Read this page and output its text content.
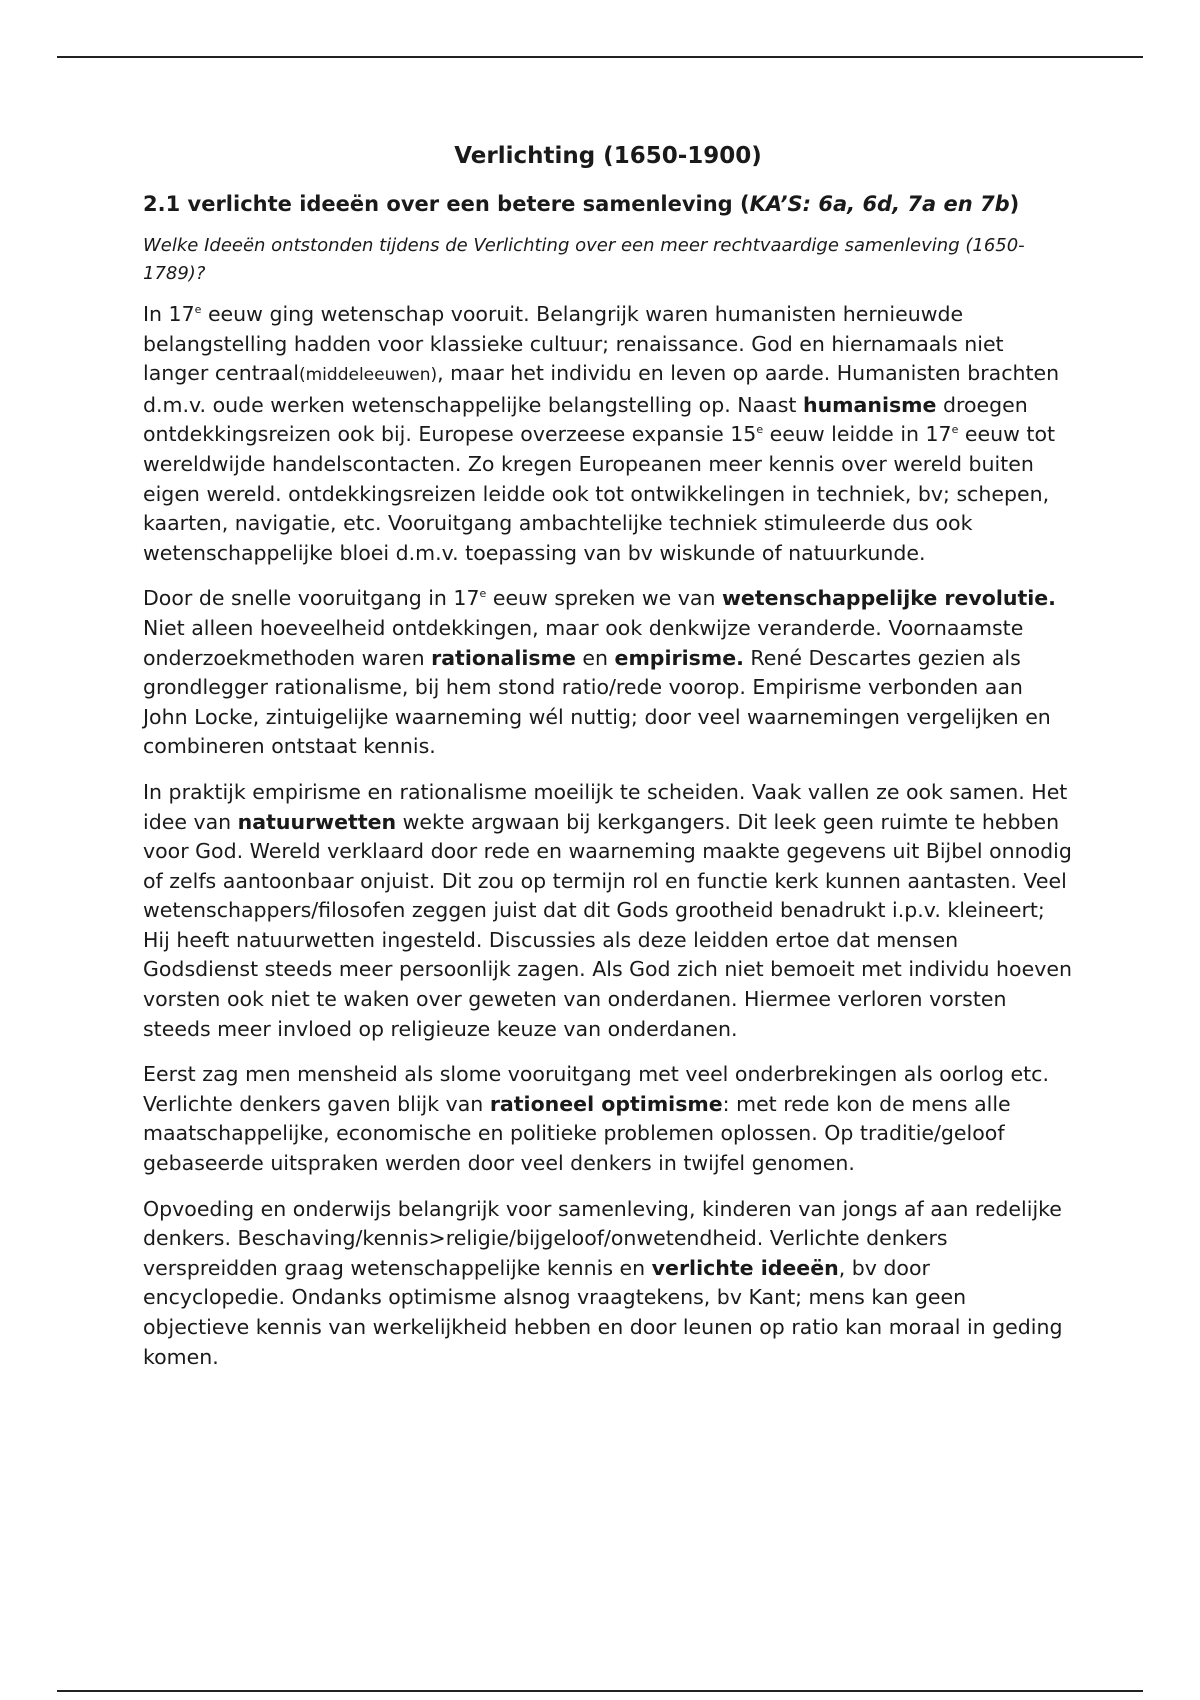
Verlichting (1650-1900)
2.1 verlichte ideeën over een betere samenleving (KA’S: 6a, 6d, 7a en 7b)
Welke Ideeën ontstonden tijdens de Verlichting over een meer rechtvaardige samenleving (1650-1789)?

In 17e eeuw ging wetenschap vooruit. Belangrijk waren humanisten hernieuwde belangstelling hadden voor klassieke cultuur; renaissance. God en hiernamaals niet langer centraal(middeleeuwen), maar het individu en leven op aarde. Humanisten brachten d.m.v. oude werken wetenschappelijke belangstelling op. Naast humanisme droegen ontdekkingsreizen ook bij. Europese overzeese expansie 15e eeuw leidde in 17e eeuw tot wereldwijde handelscontacten. Zo kregen Europeanen meer kennis over wereld buiten eigen wereld. ontdekkingsreizen leidde ook tot ontwikkelingen in techniek, bv; schepen, kaarten, navigatie, etc. Vooruitgang ambachtelijke techniek stimuleerde dus ook wetenschappelijke bloei d.m.v. toepassing van bv wiskunde of natuurkunde.

Door de snelle vooruitgang in 17e eeuw spreken we van wetenschappelijke revolutie. Niet alleen hoeveelheid ontdekkingen, maar ook denkwijze veranderde. Voornaamste onderzoekmethoden waren rationalisme en empirisme. René Descartes gezien als grondlegger rationalisme, bij hem stond ratio/rede voorop. Empirisme verbonden aan John Locke, zintuigelijke waarneming wél nuttig; door veel waarnemingen vergelijken en combineren ontstaat kennis.

In praktijk empirisme en rationalisme moeilijk te scheiden. Vaak vallen ze ook samen. Het idee van natuurwetten wekte argwaan bij kerkgangers. Dit leek geen ruimte te hebben voor God. Wereld verklaard door rede en waarneming maakte gegevens uit Bijbel onnodig of zelfs aantoonbaar onjuist. Dit zou op termijn rol en functie kerk kunnen aantasten. Veel wetenschappers/filosofen zeggen juist dat dit Gods grootheid benadrukt i.p.v. kleineert; Hij heeft natuurwetten ingesteld. Discussies als deze leidden ertoe dat mensen Godsdienst steeds meer persoonlijk zagen. Als God zich niet bemoeit met individu hoeven vorsten ook niet te waken over geweten van onderdanen. Hiermee verloren vorsten steeds meer invloed op religieuze keuze van onderdanen.

Eerst zag men mensheid als slome vooruitgang met veel onderbrekingen als oorlog etc. Verlichte denkers gaven blijk van rationeel optimisme: met rede kon de mens alle maatschappelijke, economische en politieke problemen oplossen. Op traditie/geloof gebaseerde uitspraken werden door veel denkers in twijfel genomen.

Opvoeding en onderwijs belangrijk voor samenleving, kinderen van jongs af aan redelijke denkers. Beschaving/kennis>religie/bijgeloof/onwetendheid. Verlichte denkers verspreidden graag wetenschappelijke kennis en verlichte ideeën, bv door encyclopedie. Ondanks optimisme alsnog vraagtekens, bv Kant; mens kan geen objectieve kennis van werkelijkheid hebben en door leunen op ratio kan moraal in geding komen.
